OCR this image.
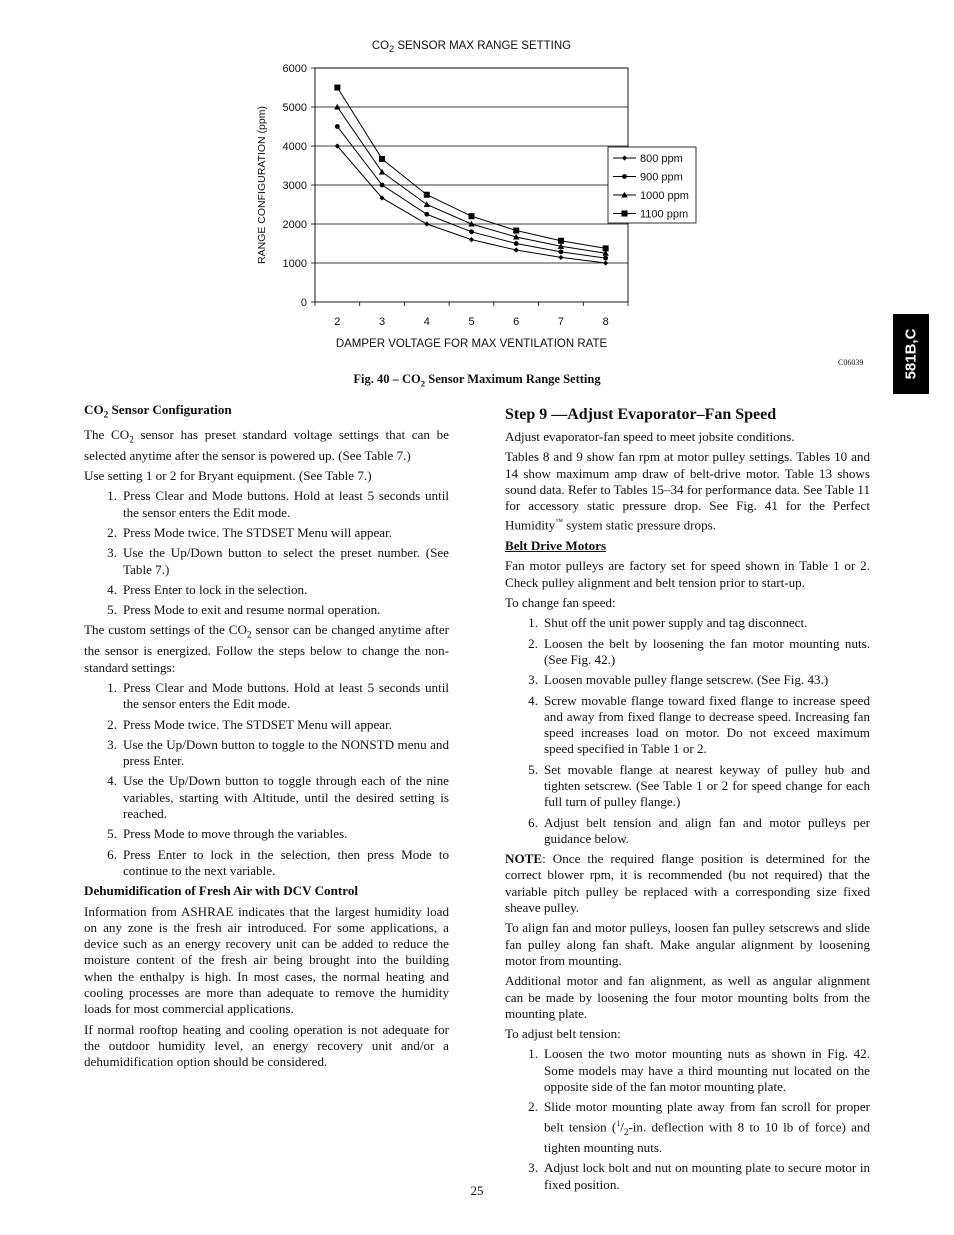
$CO_2$ SENSOR MAX RANGE SETTING
0
1000
2000
3000
4000
5000
6000
2	3	4	5	6	7	8
DAMPER VOLTAGE FOR MAX VENTILATION RATE
RANGE CONFIGURATION (ppm)	800 ppm
900 ppm
1000 ppm
1100 ppm
C06039
Fig. $40 - CO_2$ Sensor Maximum Range Setting	581B,C
$CO_2$ Sensor Configuration

The $CO_2$ sensor has preset standard voltage settings that can be selected anytime after the sensor is powered up. (See Table 7.)

Use setting 1 or 2 for Bryant equipment. (See Table 7.)

1. Press Clear and Mode buttons. Hold at least 5 seconds until the sensor enters the Edit mode.
2. Press Mode twice. The STDSET Menu will appear.
3. Use the Up/Down button to select the preset number. (See Table 7.)
4. Press Enter to lock in the selection.
5. Press Mode to exit and resume normal operation.

The custom settings of the $CO_2$ sensor can be changed anytime after the sensor is energized. Follow the steps below to change the non-standard settings:

1. Press Clear and Mode buttons. Hold at least 5 seconds until the sensor enters the Edit mode.
2. Press Mode twice. The STDSET Menu will appear.
3. Use the Up/Down button to toggle to the NONSTD menu and press Enter.
4. Use the Up/Down button to toggle through each of the nine variables, starting with Altitude, until the desired setting is reached.
5. Press Mode to move through the variables.
6. Press Enter to lock in the selection, then press Mode to continue to the next variable.
Dehumidification of Fresh Air with DCV Control

Information from ASHRAE indicates that the largest humidity load on any zone is the fresh air introduced. For some applications, a device such as an energy recovery unit can be added to reduce the moisture content of the fresh air being brought into the building when the enthalpy is high. In most cases, the normal heating and cooling processes are more than adequate to remove the humidity loads for most commercial applications.

If normal rooftop heating and cooling operation is not adequate for the outdoor humidity level, an energy recovery unit and/or a dehumidification option should be considered.

Step 9 —Adjust Evaporator–Fan Speed

Adjust evaporator-fan speed to meet jobsite conditions.

Tables 8 and 9 show fan rpm at motor pulley settings. Tables 10 and 14 show maximum amp draw of belt-drive motor. Table 13 shows sound data. Refer to Tables 15–34 for performance data. See Table 11 for accessory static pressure drop. See Fig. 41 for the Perfect Humidity™ system static pressure drops.

Belt Drive Motors

Fan motor pulleys are factory set for speed shown in Table 1 or 2. Check pulley alignment and belt tension prior to start-up.

To change fan speed:

1. Shut off the unit power supply and tag disconnect.
2. Loosen the belt by loosening the fan motor mounting nuts. (See Fig. 42.)
3. Loosen movable pulley flange setscrew. (See Fig. 43.)
4. Screw movable flange toward fixed flange to increase speed and away from fixed flange to decrease speed. Increasing fan speed increases load on motor. Do not exceed maximum speed specified in Table 1 or 2.
5. Set movable flange at nearest keyway of pulley hub and tighten setscrew. (See Table 1 or 2 for speed change for each full turn of pulley flange.)
6. Adjust belt tension and align fan and motor pulleys per guidance below.

NOTE: Once the required flange position is determined for the correct blower rpm, it is recommended (bu not required) that the variable pitch pulley be replaced with a corresponding size fixed sheave pulley.

To align fan and motor pulleys, loosen fan pulley setscrews and slide fan pulley along fan shaft. Make angular alignment by loosening motor from mounting.

Additional motor and fan alignment, as well as angular alignment can be made by loosening the four motor mounting bolts from the mounting plate.

To adjust belt tension:

1. Loosen the two motor mounting nuts as shown in Fig. 42. Some models may have a third mounting nut located on the opposite side of the fan motor mounting plate.
2. Slide motor mounting plate away from fan scroll for proper belt tension ($^1/_2-in$. deflection with 8 to 10 lb of force) and tighten mounting nuts.
3. Adjust lock bolt and nut on mounting plate to secure motor in fixed position.
25
